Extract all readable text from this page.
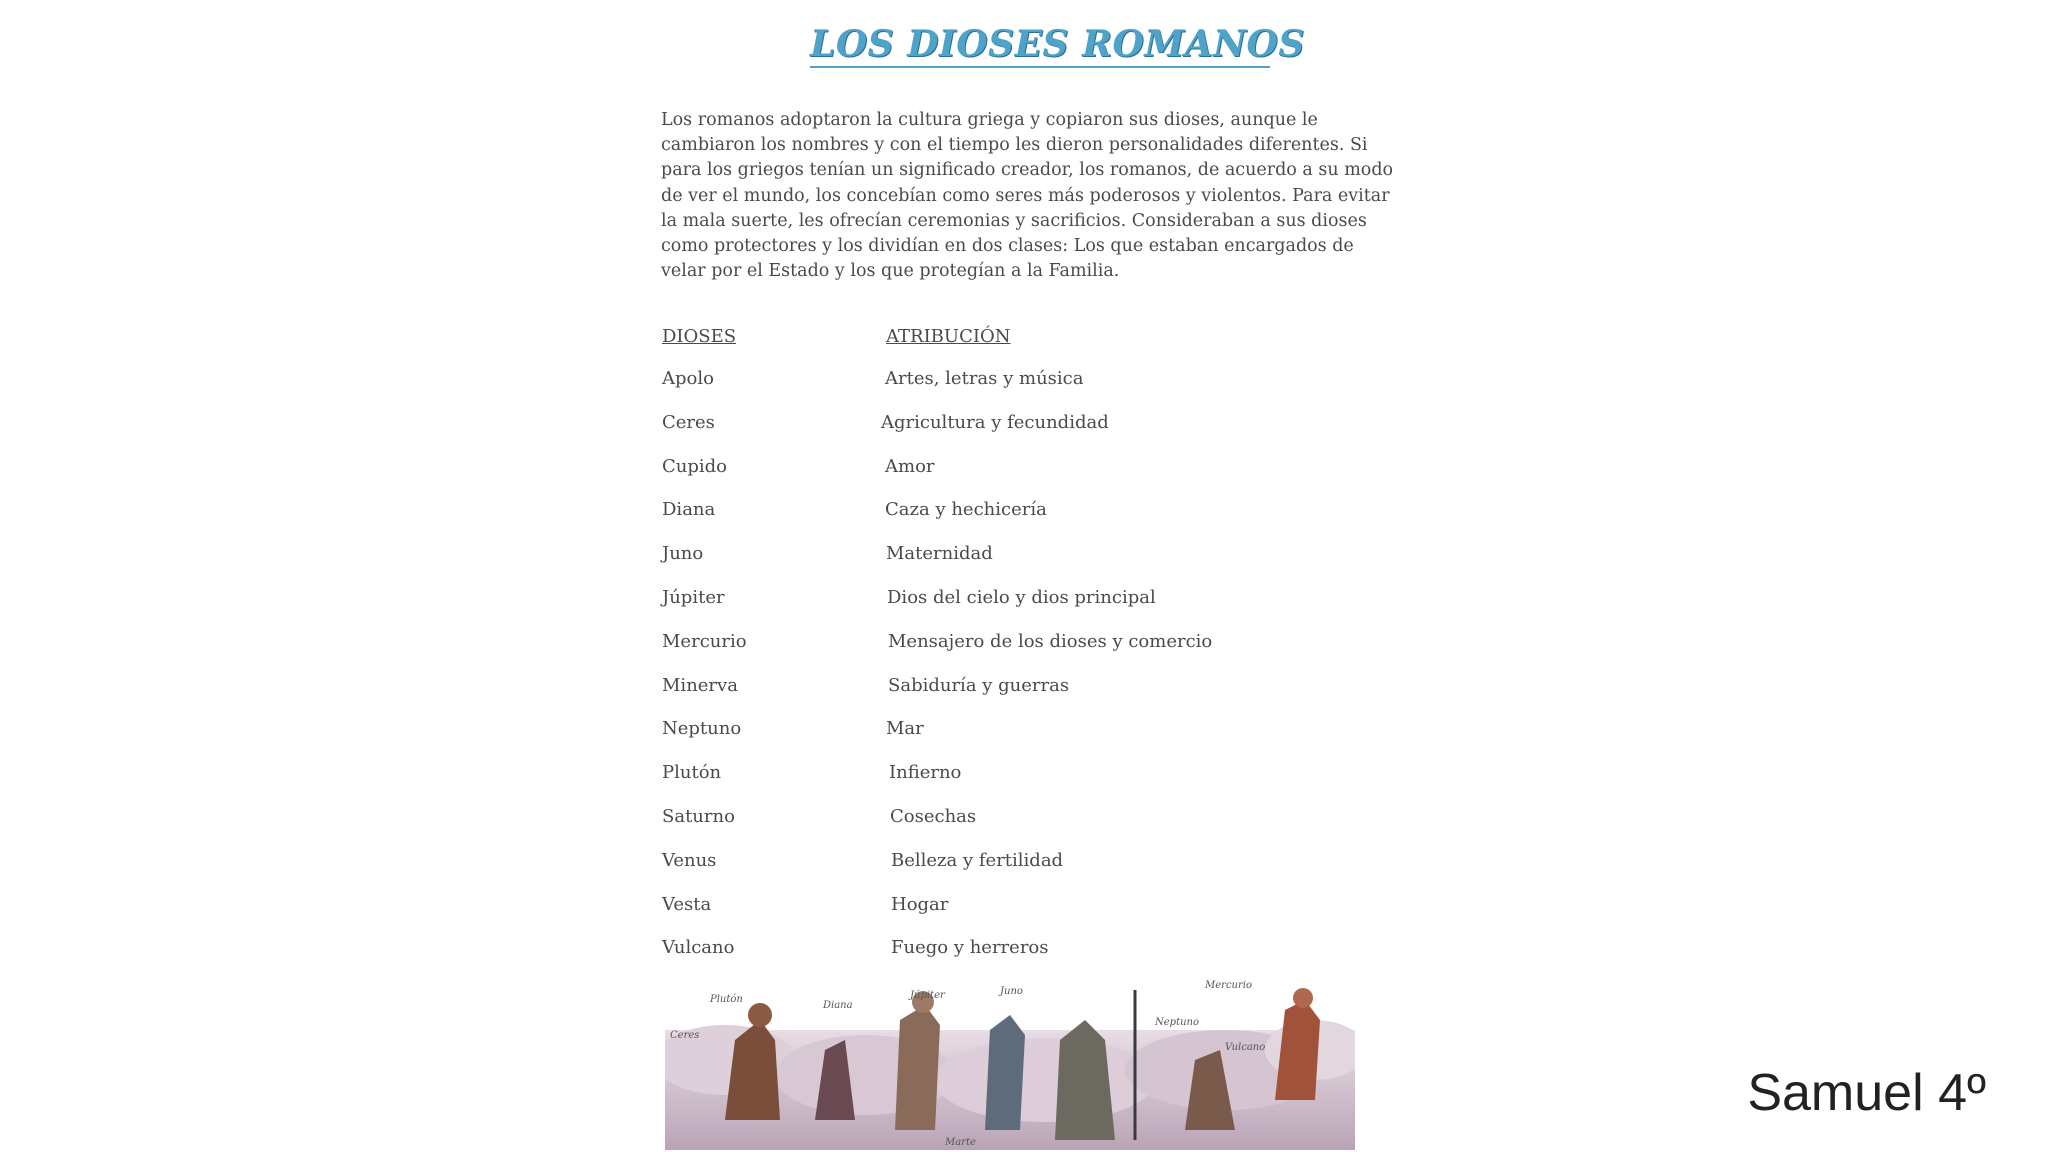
LOS DIOSES ROMANOS

Los romanos adoptaron la cultura griega y copiaron sus dioses, aunque le cambiaron los nombres y con el tiempo les dieron personalidades diferentes. Si para los griegos tenían un significado creador, los romanos, de acuerdo a su modo de ver el mundo, los concebían como seres más poderosos y violentos. Para evitar la mala suerte, les ofrecían ceremonias y sacrificios. Consideraban a sus dioses como protectores y los dividían en dos clases: Los que estaban encargados de velar por el Estado y los que protegían a la Familia.

DIOSES	ATRIBUCIÓN
Apolo	Artes, letras y música
Ceres	Agricultura y fecundidad
Cupido	Amor
Diana	Caza y hechicería
Juno	Maternidad
Júpiter	Dios del cielo y dios principal
Mercurio	Mensajero de los dioses y comercio
Minerva	Sabiduría y guerras
Neptuno	Mar
Plutón	Infierno
Saturno	Cosechas
Venus	Belleza y fertilidad
Vesta	Hogar
Vulcano	Fuego y herreros
Plutón
Diana
Júpiter	Juno
Ceres
Mercurio
Neptuno
Vulcano
Marte
Samuel 4º
